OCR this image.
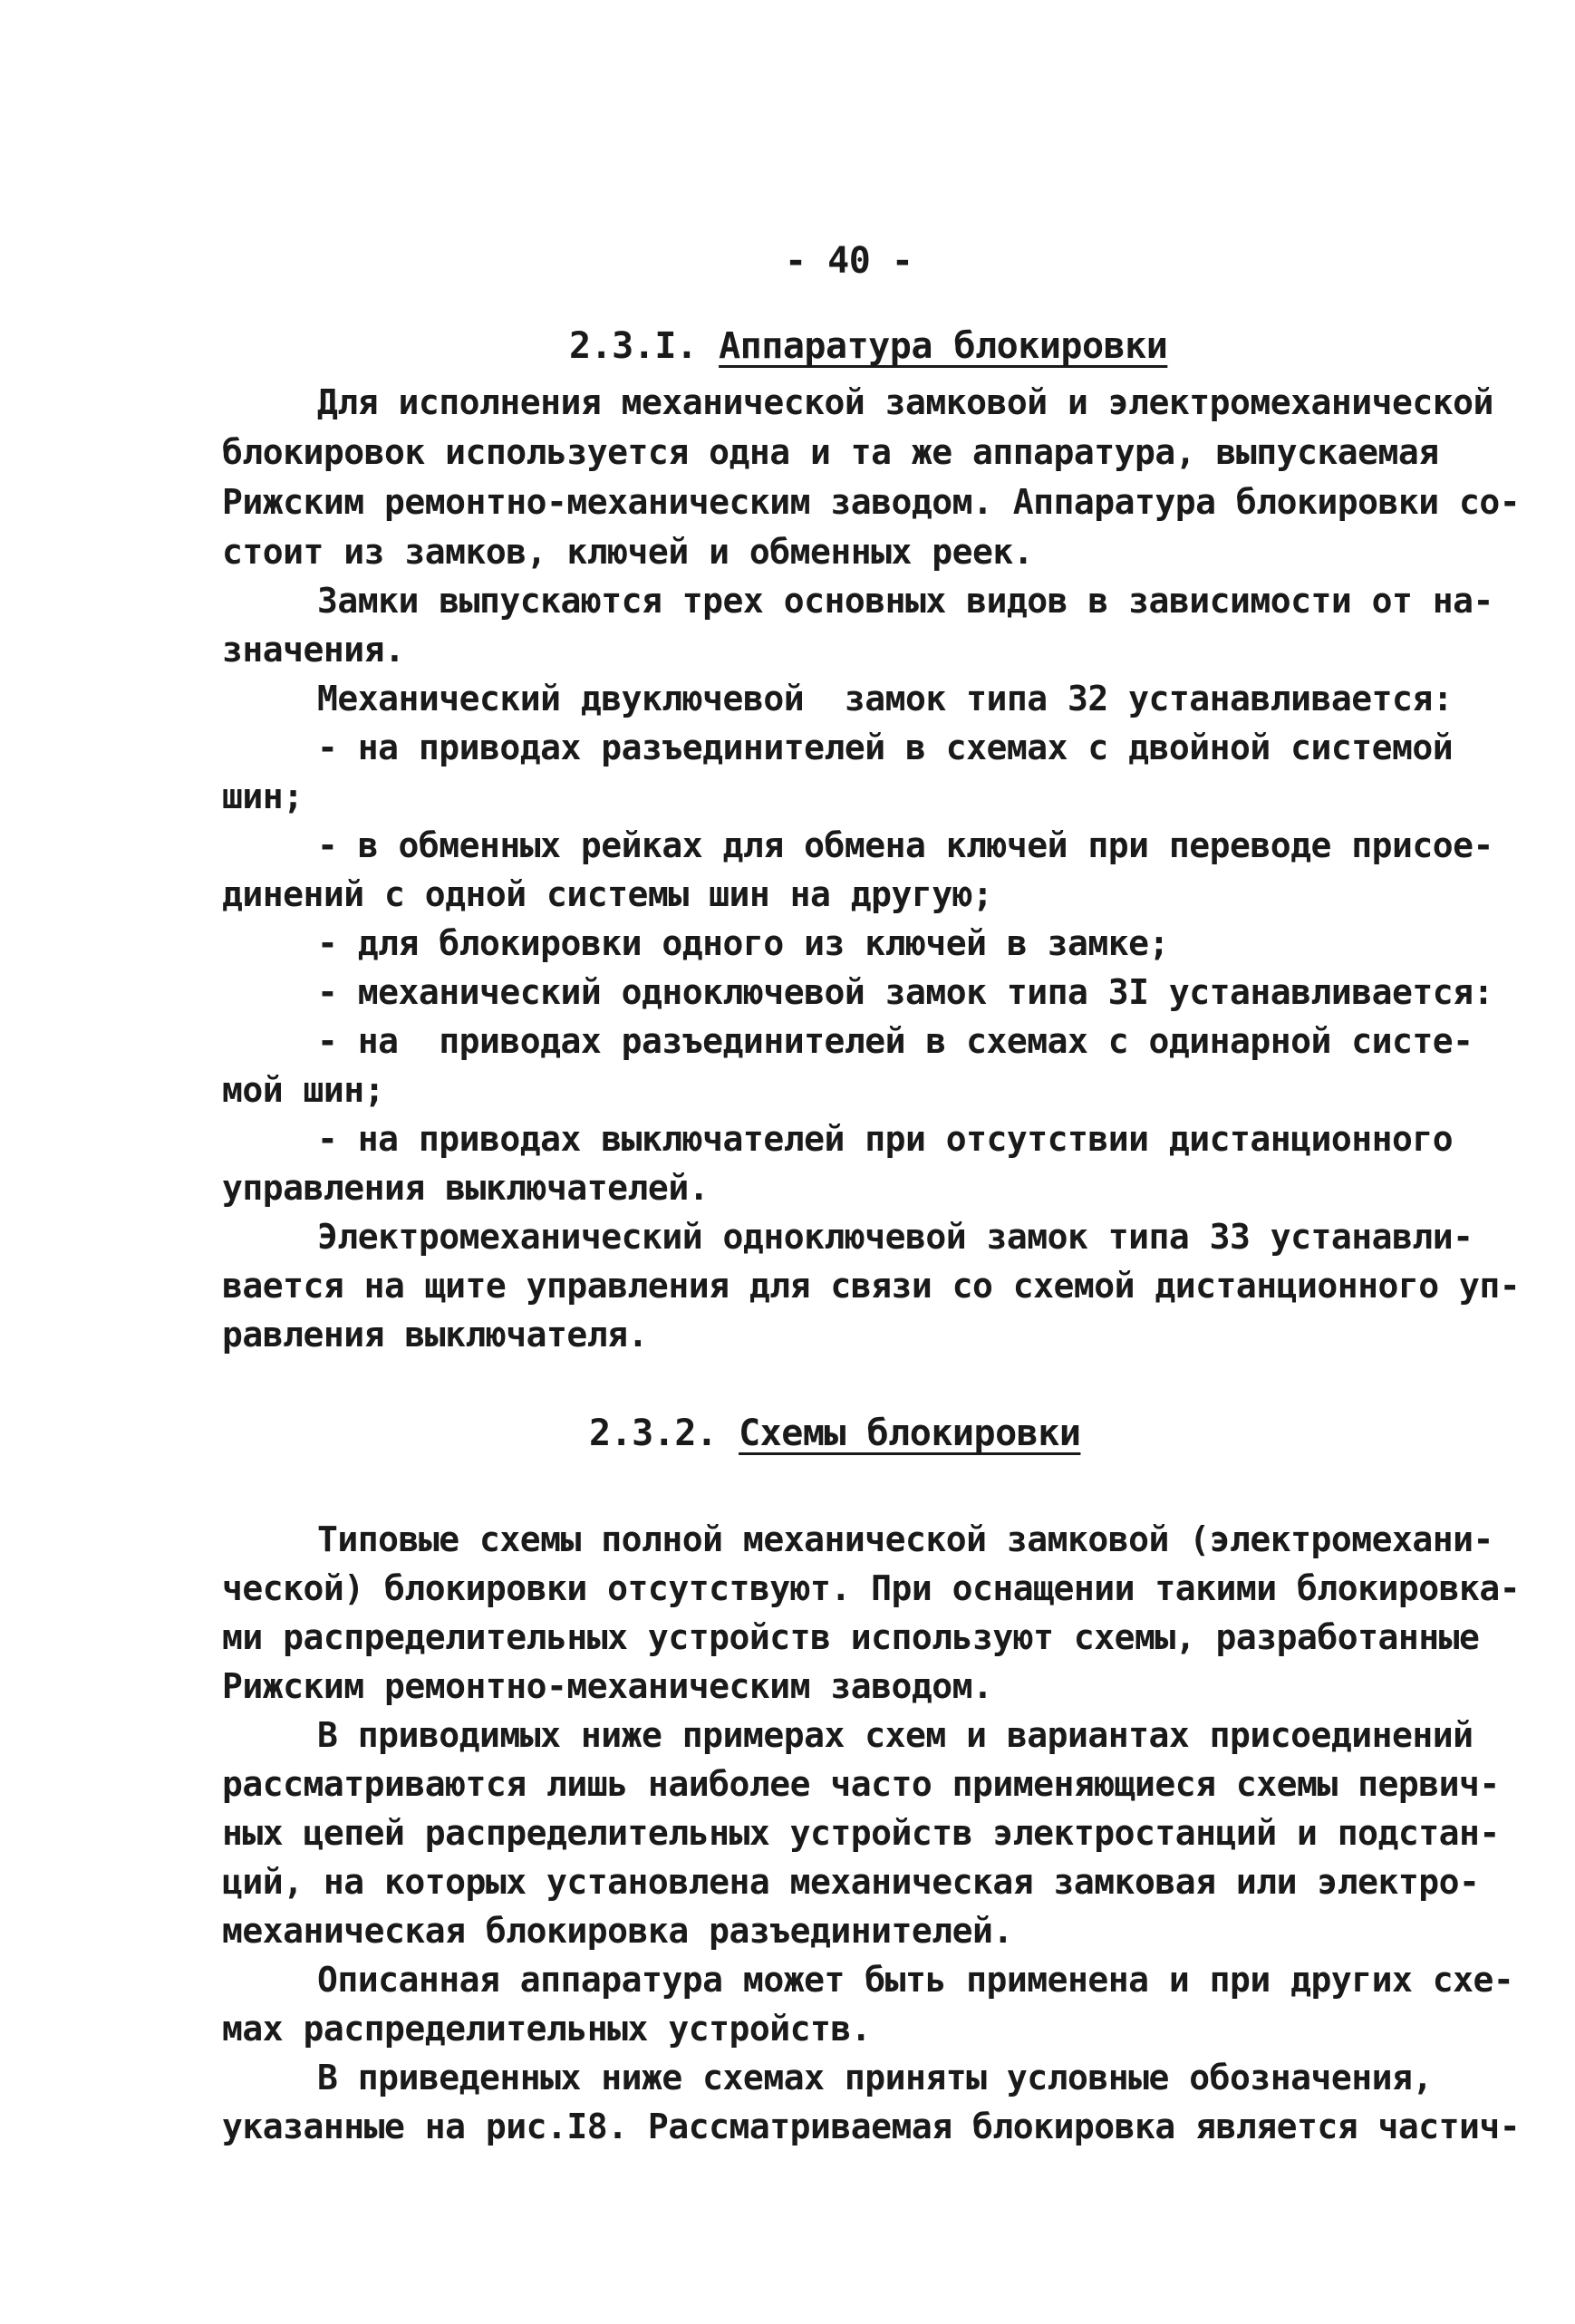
- 40 -
2.3.I. Аппаратура блокировки

Для исполнения механической замковой и электромеханической

блокировок используется одна и та же аппаратура, выпускаемая

Рижским ремонтно-механическим заводом. Аппаратура блокировки со-

стоит из замков, ключей и обменных реек.

Замки выпускаются трех основных видов в зависимости от на-

значения.

Механический двуключевой  замок типа 32 устанавливается:

- на приводах разъединителей в схемах с двойной системой

шин;

- в обменных рейках для обмена ключей при переводе присое-

динений с одной системы шин на другую;

- для блокировки одного из ключей в замке;

- механический одноключевой замок типа 3I устанавливается:

- на  приводах разъединителей в схемах с одинарной систе-

мой шин;

- на приводах выключателей при отсутствии дистанционного

управления выключателей.

Электромеханический одноключевой замок типа 33 устанавли-

вается на щите управления для связи со схемой дистанционного уп-

равления выключателя.

2.3.2. Схемы блокировки

Типовые схемы полной механической замковой (электромехани-

ческой) блокировки отсутствуют. При оснащении такими блокировка-

ми распределительных устройств используют схемы, разработанные

Рижским ремонтно-механическим заводом.

В приводимых ниже примерах схем и вариантах присоединений

рассматриваются лишь наиболее часто применяющиеся схемы первич-

ных цепей распределительных устройств электростанций и подстан-

ций, на которых установлена механическая замковая или электро-

механическая блокировка разъединителей.

Описанная аппаратура может быть применена и при других схе-

мах распределительных устройств.

В приведенных ниже схемах приняты условные обозначения,

указанные на рис.I8. Рассматриваемая блокировка является частич-
